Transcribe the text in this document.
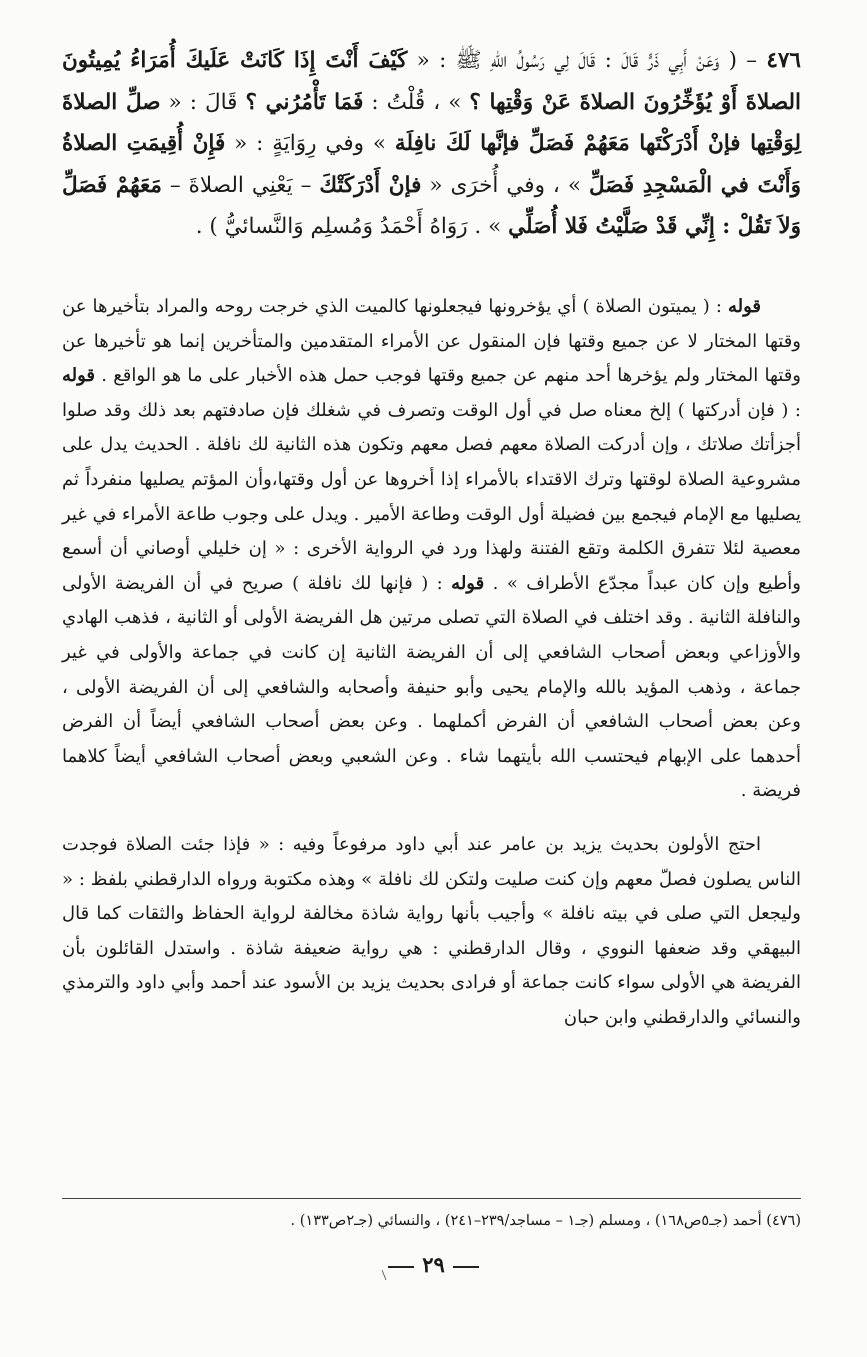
٤٧٦ – ( وَعَنْ أَبِي ذَرٍّ قَالَ : قَالَ لِي رَسُولُ اللهِ ﷺ : « كَيْفَ أَنْتَ إِذَا كَانَتْ عَلَيكَ أُمَرَاءُ يُمِيتُونَ الصلاةَ أَوْ يُؤَخِّرُونَ الصلاةَ عَنْ وَقْتِها ؟ » ، قُلْتُ : فَمَا تَأْمُرُني ؟ قَالَ : « صلِّ الصلاةَ لِوَقْتِها فإنْ أَدْرَكْتَها مَعَهُمْ فَصَلِّ فإنَّها لَكَ نافِلَة » وفي رِوَايَةٍ : « فَإِنْ أُقِيمَتِ الصلاةُ وَأَنْتَ في الْمَسْجِدِ فَصَلِّ » ، وفي أُخرَى « فإنْ أَدْرَكَتْكَ – يَعْنِي الصلاةَ – مَعَهُمْ فَصَلِّ وَلاَ تَقُلْ : إِنِّي قَدْ صَلَّيْتُ فَلا أُصَلِّي » . رَوَاهُ أَحْمَدُ وَمُسلِم وَالنَّسائيُّ ) .

قوله : ( يميتون الصلاة ) أي يؤخرونها فيجعلونها كالميت الذي خرجت روحه والمراد بتأخيرها عن وقتها المختار لا عن جميع وقتها فإن المنقول عن الأمراء المتقدمين والمتأخرين إنما هو تأخيرها عن وقتها المختار ولم يؤخرها أحد منهم عن جميع وقتها فوجب حمل هذه الأخبار على ما هو الواقع . قوله : ( فإن أدركتها ) إلخ معناه صل في أول الوقت وتصرف في شغلك فإن صادفتهم بعد ذلك وقد صلوا أجزأتك صلاتك ، وإن أدركت الصلاة معهم فصل معهم وتكون هذه الثانية لك نافلة . الحديث يدل على مشروعية الصلاة لوقتها وترك الاقتداء بالأمراء إذا أخروها عن أول وقتها،وأن المؤتم يصليها منفرداً ثم يصليها مع الإمام فيجمع بين فضيلة أول الوقت وطاعة الأمير . ويدل على وجوب طاعة الأمراء في غير معصية لئلا تتفرق الكلمة وتقع الفتنة ولهذا ورد في الرواية الأخرى : « إن خليلي أوصاني أن أسمع وأطيع وإن كان عبداً مجدّع الأطراف » . قوله : ( فإنها لك نافلة ) صريح في أن الفريضة الأولى والنافلة الثانية . وقد اختلف في الصلاة التي تصلى مرتين هل الفريضة الأولى أو الثانية ، فذهب الهادي والأوزاعي وبعض أصحاب الشافعي إلى أن الفريضة الثانية إن كانت في جماعة والأولى في غير جماعة ، وذهب المؤيد بالله والإمام يحيى وأبو حنيفة وأصحابه والشافعي إلى أن الفريضة الأولى ، وعن بعض أصحاب الشافعي أن الفرض أكملهما . وعن بعض أصحاب الشافعي أيضاً أن الفرض أحدهما على الإبهام فيحتسب الله بأيتهما شاء . وعن الشعبي وبعض أصحاب الشافعي أيضاً كلاهما فريضة .

احتج الأولون بحديث يزيد بن عامر عند أبي داود مرفوعاً وفيه : « فإذا جئت الصلاة فوجدت الناس يصلون فصلّ معهم وإن كنت صليت ولتكن لك نافلة » وهذه مكتوبة ورواه الدارقطني بلفظ : « وليجعل التي صلى في بيته نافلة » وأجيب بأنها رواية شاذة مخالفة لرواية الحفاظ والثقات كما قال البيهقي وقد ضعفها النووي ، وقال الدارقطني : هي رواية ضعيفة شاذة . واستدل القائلون بأن الفريضة هي الأولى سواء كانت جماعة أو فرادى بحديث يزيد بن الأسود عند أحمد وأبي داود والترمذي والنسائي والدارقطني وابن حبان

(٤٧٦) أحمد (جـ٥ص١٦٨) ، ومسلم (جـ١ – مساجد/٢٣٩–٢٤١) ، والنسائي (جـ٢ص١٣٣) .
٢٩
